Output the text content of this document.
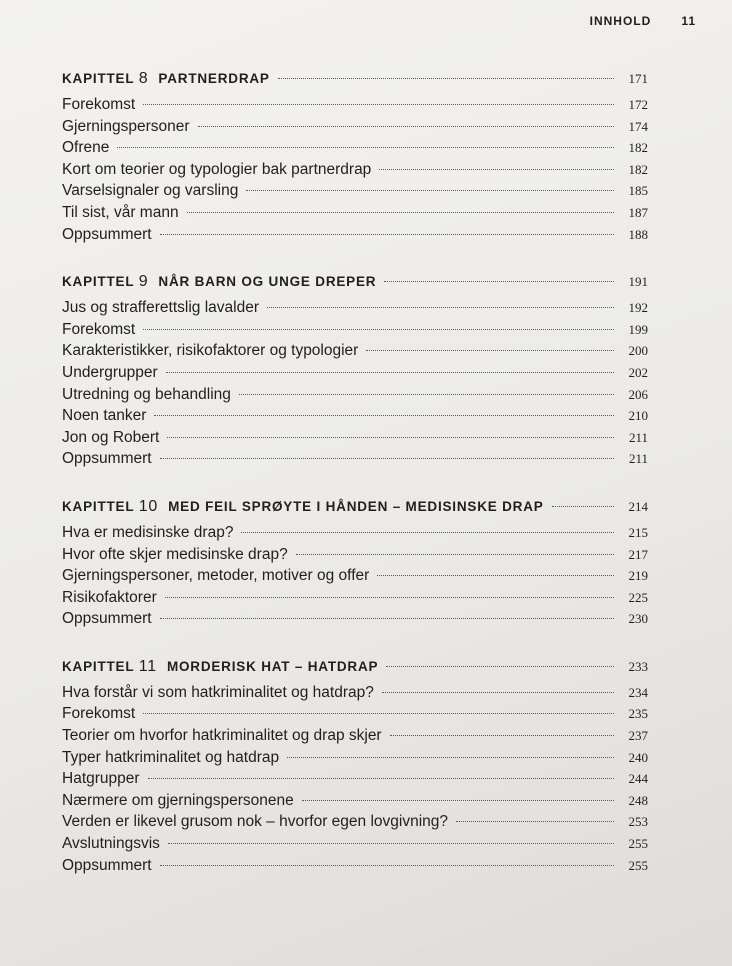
INNHOLD	11
KAPITTEL 8 PARTNERDRAP	171
Forekomst	172
Gjerningspersoner	174
Ofrene	182
Kort om teorier og typologier bak partnerdrap	182
Varselsignaler og varsling	185
Til sist, vår mann	187
Oppsummert	188
KAPITTEL 9 NÅR BARN OG UNGE DREPER	191
Jus og strafferettslig lavalder	192
Forekomst	199
Karakteristikker, risikofaktorer og typologier	200
Undergrupper	202
Utredning og behandling	206
Noen tanker	210
Jon og Robert	211
Oppsummert	211
KAPITTEL 10 MED FEIL SPRØYTE I HÅNDEN – MEDISINSKE DRAP	214
Hva er medisinske drap?	215
Hvor ofte skjer medisinske drap?	217
Gjerningspersoner, metoder, motiver og offer	219
Risikofaktorer	225
Oppsummert	230
KAPITTEL 11 MORDERISK HAT – HATDRAP	233
Hva forstår vi som hatkriminalitet og hatdrap?	234
Forekomst	235
Teorier om hvorfor hatkriminalitet og drap skjer	237
Typer hatkriminalitet og hatdrap	240
Hatgrupper	244
Nærmere om gjerningspersonene	248
Verden er likevel grusom nok – hvorfor egen lovgivning?	253
Avslutningsvis	255
Oppsummert	255
